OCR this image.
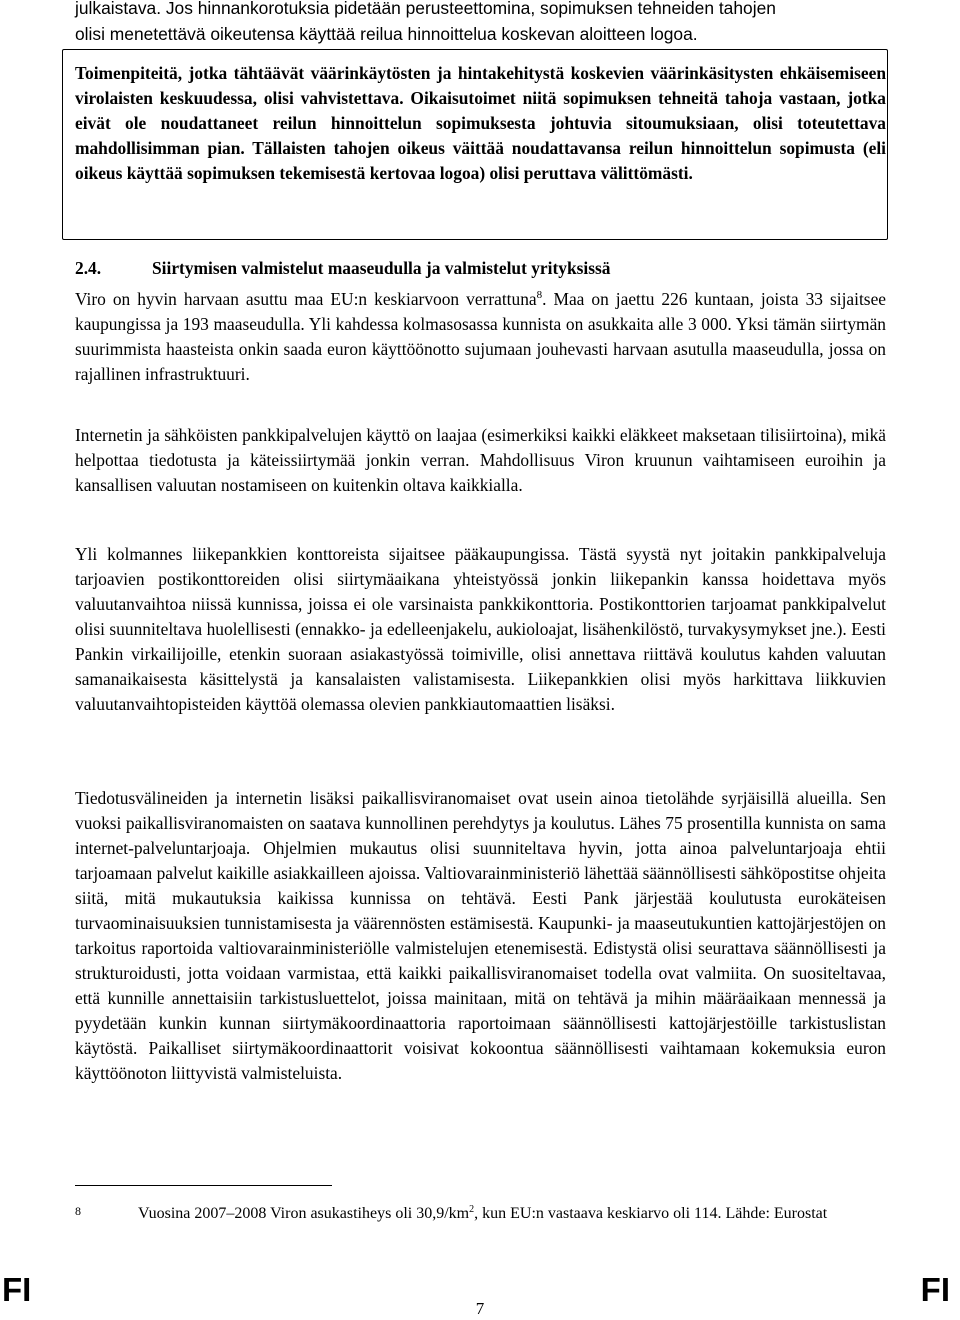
julkaistava. Jos hinnankorotuksia pidetään perusteettomina, sopimuksen tehneiden tahojen
olisi menetettävä oikeutensa käyttää reilua hinnoittelua koskevan aloitteen logoa.

Toimenpiteitä, jotka tähtäävät väärinkäytösten ja hintakehitystä koskevien väärinkäsitysten ehkäisemiseen virolaisten keskuudessa, olisi vahvistettava. Oikaisutoimet niitä sopimuksen tehneitä tahoja vastaan, jotka eivät ole noudattaneet reilun hinnoittelun sopimuksesta johtuvia sitoumuksiaan, olisi toteutettava mahdollisimman pian. Tällaisten tahojen oikeus väittää noudattavansa reilun hinnoittelun sopimusta (eli oikeus käyttää sopimuksen tekemisestä kertovaa logoa) olisi peruttava välittömästi.

2.4.	Siirtymisen valmistelut maaseudulla ja valmistelut yrityksissä

Viro on hyvin harvaan asuttu maa EU:n keskiarvoon verrattuna$^8$. Maa on jaettu 226 kuntaan, joista 33 sijaitsee kaupungissa ja 193 maaseudulla. Yli kahdessa kolmasosassa kunnista on asukkaita alle 3 000. Yksi tämän siirtymän suurimmista haasteista onkin saada euron käyttöönotto sujumaan jouhevasti harvaan asutulla maaseudulla, jossa on rajallinen infrastruktuuri.

Internetin ja sähköisten pankkipalvelujen käyttö on laajaa (esimerkiksi kaikki eläkkeet maksetaan tilisiirtoina), mikä helpottaa tiedotusta ja käteissiirtymää jonkin verran. Mahdollisuus Viron kruunun vaihtamiseen euroihin ja kansallisen valuutan nostamiseen on kuitenkin oltava kaikkialla.

Yli kolmannes liikepankkien konttoreista sijaitsee pääkaupungissa. Tästä syystä nyt joitakin pankkipalveluja tarjoavien postikonttoreiden olisi siirtymäaikana yhteistyössä jonkin liikepankin kanssa hoidettava myös valuutanvaihtoa niissä kunnissa, joissa ei ole varsinaista pankkikonttoria. Postikonttorien tarjoamat pankkipalvelut olisi suunniteltava huolellisesti (ennakko- ja edelleenjakelu, aukioloajat, lisähenkilöstö, turvakysymykset jne.). Eesti Pankin virkailijoille, etenkin suoraan asiakastyössä toimiville, olisi annettava riittävä koulutus kahden valuutan samanaikaisesta käsittelystä ja kansalaisten valistamisesta. Liikepankkien olisi myös harkittava liikkuvien valuutanvaihtopisteiden käyttöä olemassa olevien pankkiautomaattien lisäksi.

Tiedotusvälineiden ja internetin lisäksi paikallisviranomaiset ovat usein ainoa tietolähde syrjäisillä alueilla. Sen vuoksi paikallisviranomaisten on saatava kunnollinen perehdytys ja koulutus. Lähes 75 prosentilla kunnista on sama internet-palveluntarjoaja. Ohjelmien mukautus olisi suunniteltava hyvin, jotta ainoa palveluntarjoaja ehtii tarjoamaan palvelut kaikille asiakkailleen ajoissa. Valtiovarainministeriö lähettää säännöllisesti sähköpostitse ohjeita siitä, mitä mukautuksia kaikissa kunnissa on tehtävä. Eesti Pank järjestää koulutusta eurokäteisen turvaominaisuuksien tunnistamisesta ja väärennösten estämisestä. Kaupunki- ja maaseutukuntien kattojärjestöjen on tarkoitus raportoida valtiovarainministeriölle valmistelujen etenemisestä. Edistystä olisi seurattava säännöllisesti ja strukturoidusti, jotta voidaan varmistaa, että kaikki paikallisviranomaiset todella ovat valmiita. On suositeltavaa, että kunnille annettaisiin tarkistusluettelot, joissa mainitaan, mitä on tehtävä ja mihin määräaikaan mennessä ja pyydetään kunkin kunnan siirtymäkoordinaattoria raportoimaan säännöllisesti kattojärjestöille tarkistuslistan käytöstä. Paikalliset siirtymäkoordinaattorit voisivat kokoontua säännöllisesti vaihtamaan kokemuksia euron käyttöönoton liittyvistä valmisteluista.

8	Vuosina 2007–2008 Viron asukastiheys oli $30,9/km^2$, kun EU:n vastaava keskiarvo oli 114. Lähde: Eurostat

FI
7
FI
